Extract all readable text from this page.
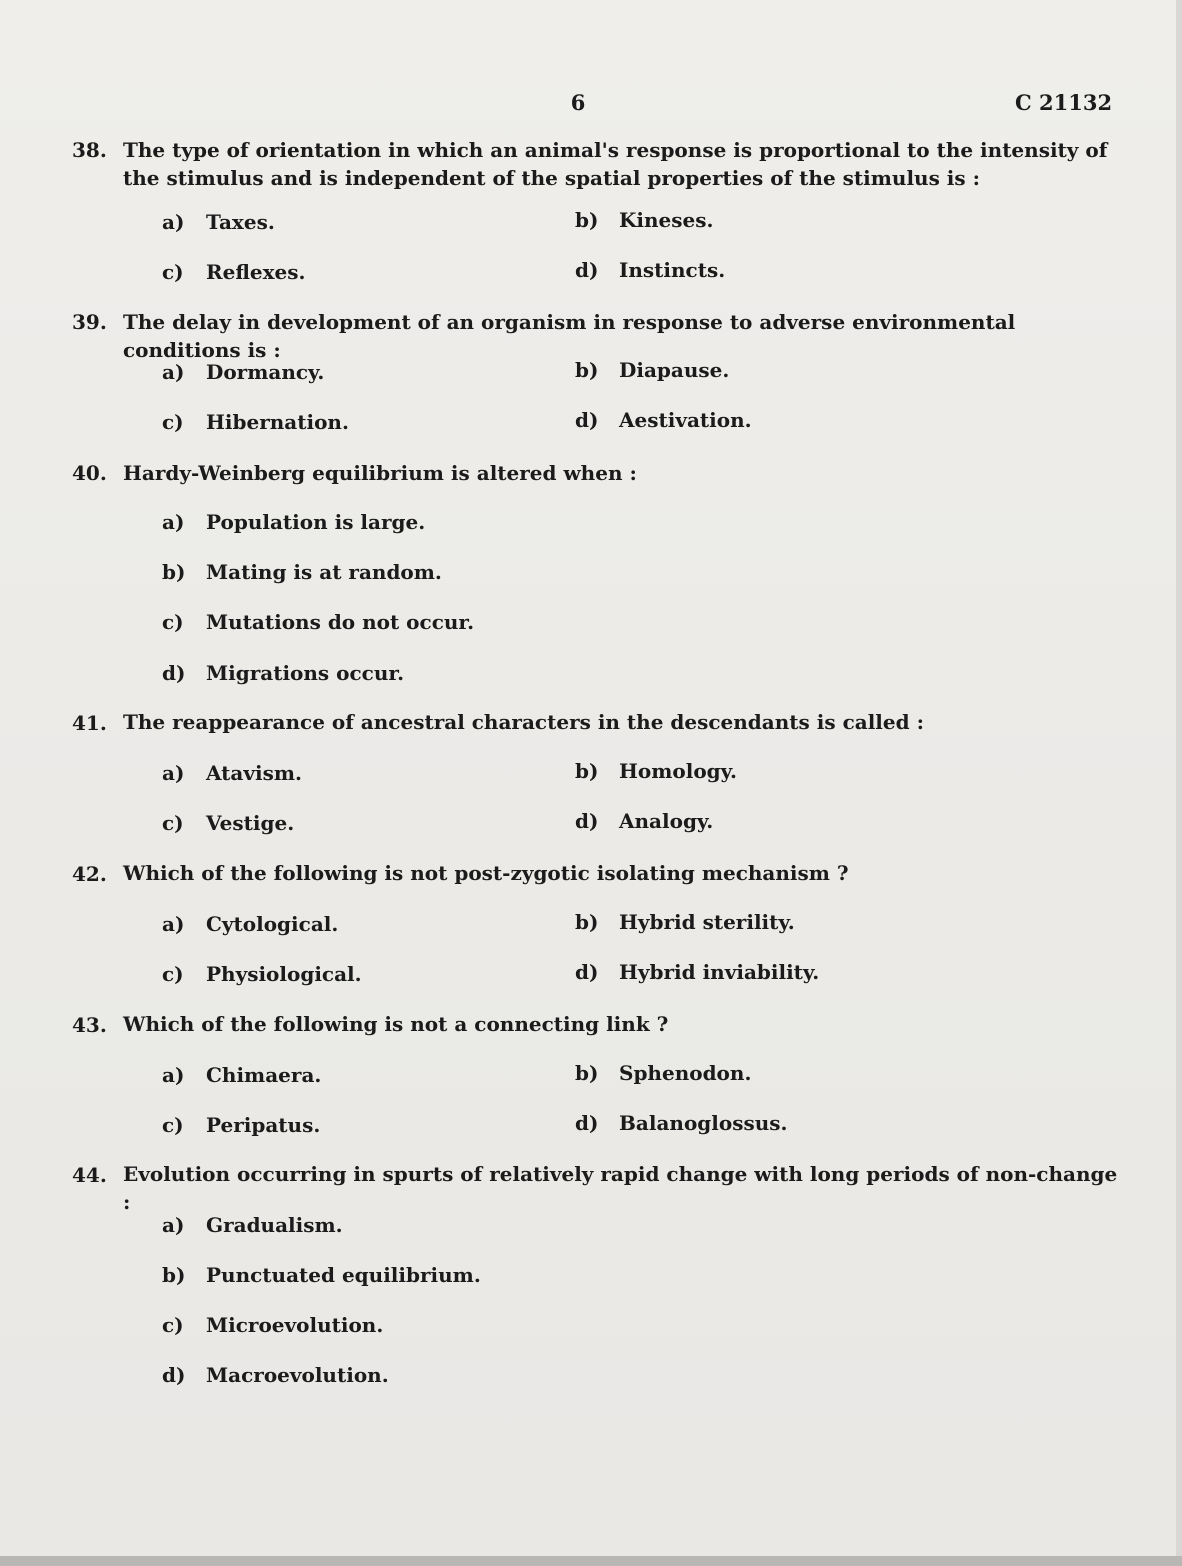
6	C 21132
38. The type of orientation in which an animal's response is proportional to the intensity of the stimulus and is independent of the spatial properties of the stimulus is :
a) Taxes.	b) Kineses.
c) Reflexes.	d) Instincts.
39. The delay in development of an organism in response to adverse environmental conditions is :
a) Dormancy.	b) Diapause.
c) Hibernation.	d) Aestivation.
40. Hardy-Weinberg equilibrium is altered when :
a) Population is large.
b) Mating is at random.
c) Mutations do not occur.
d) Migrations occur.
41. The reappearance of ancestral characters in the descendants is called :
a) Atavism.	b) Homology.
c) Vestige.	d) Analogy.
42. Which of the following is not post-zygotic isolating mechanism ?
a) Cytological.	b) Hybrid sterility.
c) Physiological.	d) Hybrid inviability.
43. Which of the following is not a connecting link ?
a) Chimaera.	b) Sphenodon.
c) Peripatus.	d) Balanoglossus.
44. Evolution occurring in spurts of relatively rapid change with long periods of non-change :
a) Gradualism.
b) Punctuated equilibrium.
c) Microevolution.
d) Macroevolution.
